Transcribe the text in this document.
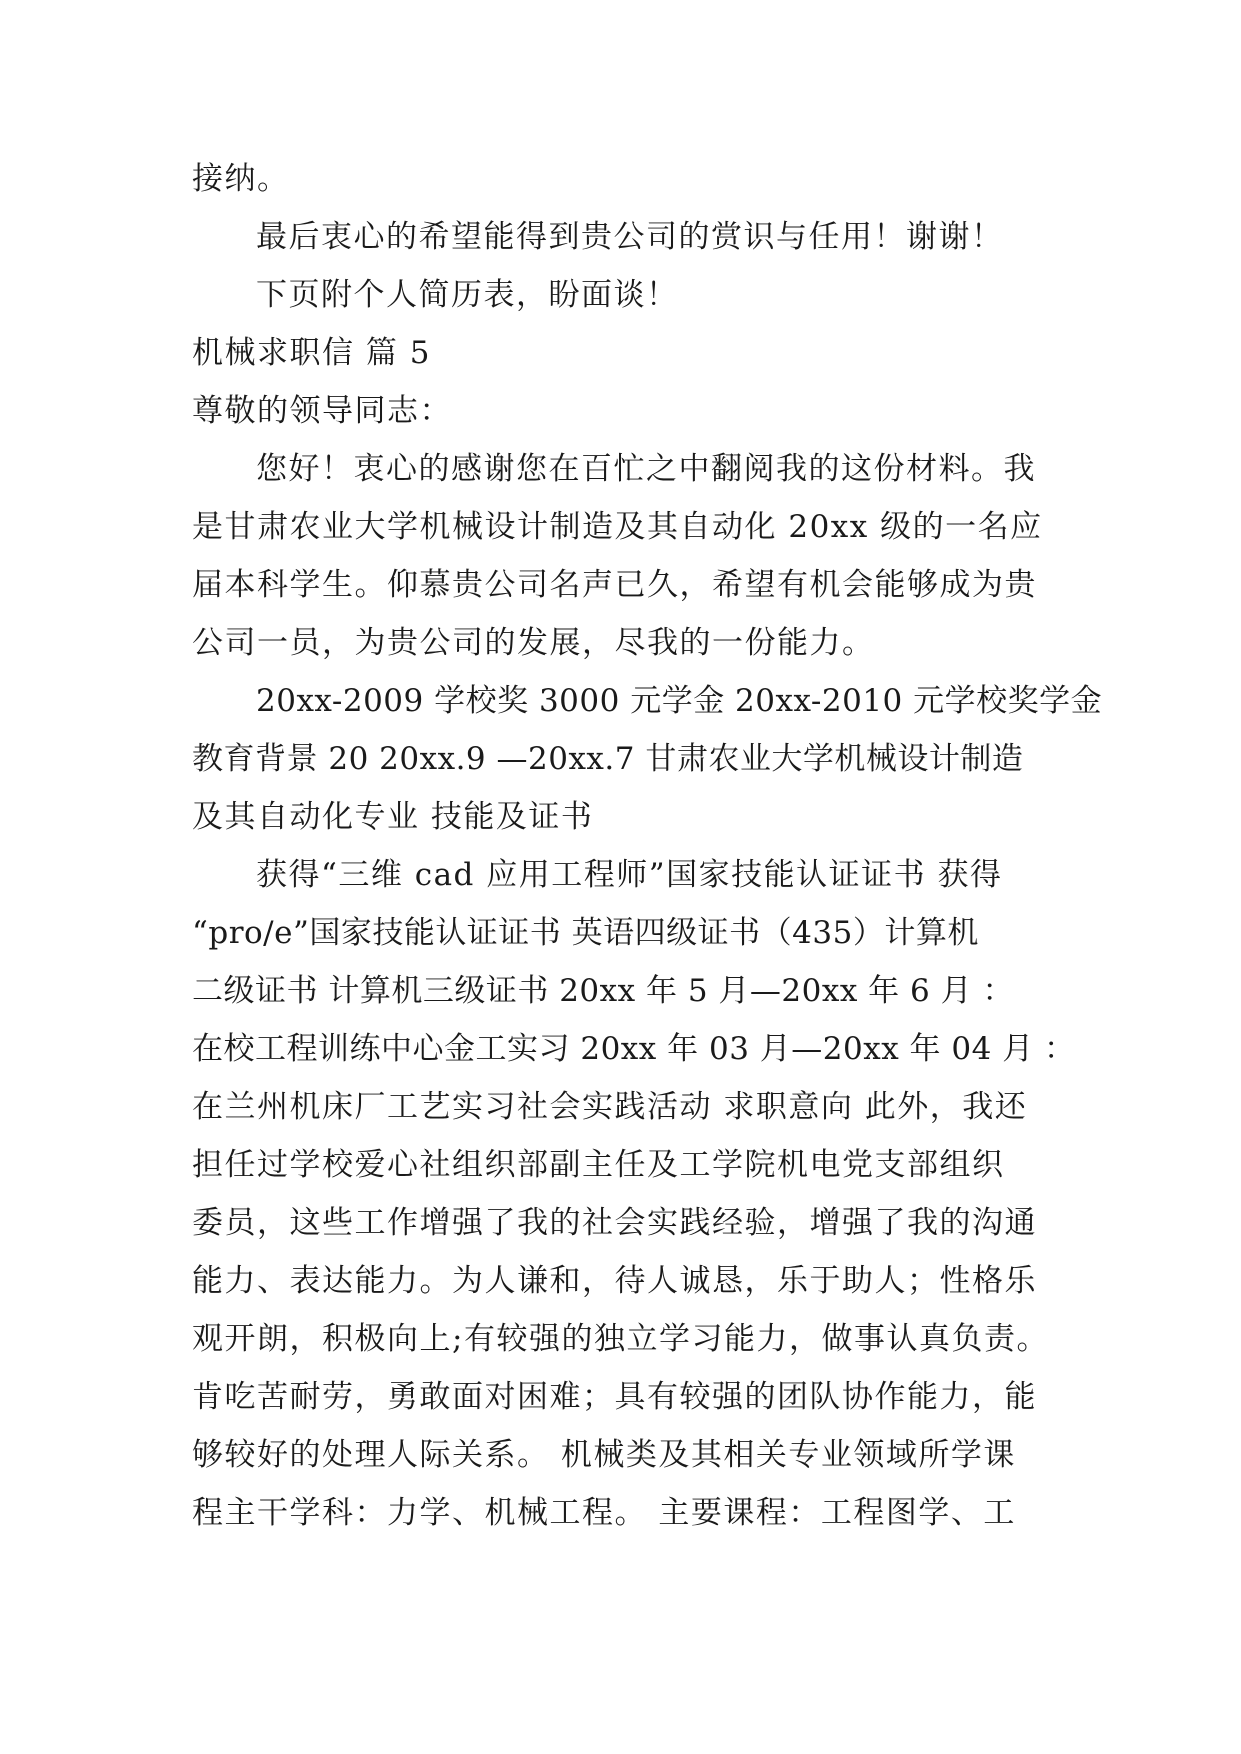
接纳。
最后衷心的希望能得到贵公司的赏识与任用！谢谢！
下页附个人简历表，盼面谈！
机械求职信 篇 5
尊敬的领导同志：
您好！衷心的感谢您在百忙之中翻阅我的这份材料。我
是甘肃农业大学机械设计制造及其自动化 20xx 级的一名应
届本科学生。仰慕贵公司名声已久，希望有机会能够成为贵
公司一员，为贵公司的发展，尽我的一份能力。
20xx-2009 学校奖 3000 元学金 20xx-2010 元学校奖学金
教育背景 20 20xx.9 —20xx.7 甘肃农业大学机械设计制造
及其自动化专业 技能及证书
获得“三维 cad 应用工程师”国家技能认证证书 获得
“pro/e”国家技能认证证书 英语四级证书（435）计算机
二级证书 计算机三级证书 20xx 年 5 月—20xx 年 6 月 ：
在校工程训练中心金工实习 20xx 年 03 月—20xx 年 04 月 ：
在兰州机床厂工艺实习社会实践活动 求职意向 此外，我还
担任过学校爱心社组织部副主任及工学院机电党支部组织
委员，这些工作增强了我的社会实践经验，增强了我的沟通
能力、表达能力。为人谦和，待人诚恳，乐于助人；性格乐
观开朗，积极向上;有较强的独立学习能力，做事认真负责。
肯吃苦耐劳，勇敢面对困难；具有较强的团队协作能力，能
够较好的处理人际关系。 机械类及其相关专业领域所学课
程主干学科：力学、机械工程。 主要课程：工程图学、工
